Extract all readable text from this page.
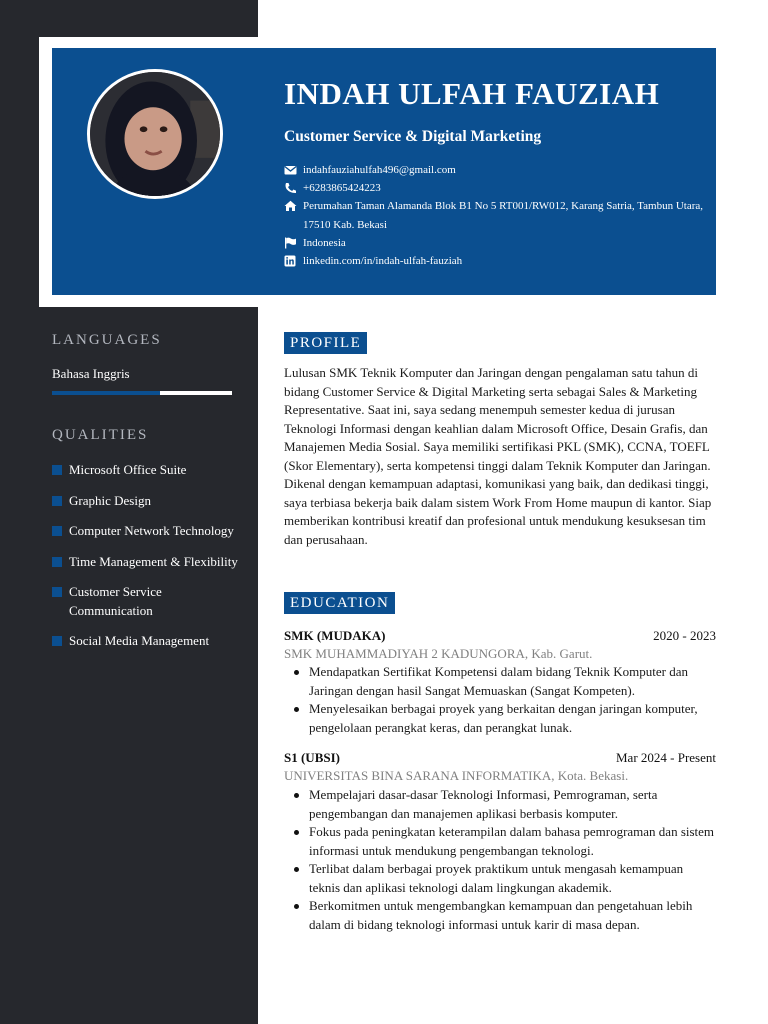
INDAH ULFAH FAUZIAH
Customer Service & Digital Marketing
indahfauziahulfah496@gmail.com
+6283865424223
Perumahan Taman Alamanda Blok B1 No 5 RT001/RW012, Karang Satria, Tambun Utara, 17510 Kab. Bekasi
Indonesia
linkedin.com/in/indah-ulfah-fauziah
LANGUAGES
Bahasa Inggris
QUALITIES
Microsoft Office Suite
Graphic Design
Computer Network Technology
Time Management & Flexibility
Customer Service Communication
Social Media Management
PROFILE

Lulusan SMK Teknik Komputer dan Jaringan dengan pengalaman satu tahun di bidang Customer Service & Digital Marketing serta sebagai Sales & Marketing Representative. Saat ini, saya sedang menempuh semester kedua di jurusan Teknologi Informasi dengan keahlian dalam Microsoft Office, Desain Grafis, dan Manajemen Media Sosial. Saya memiliki sertifikasi PKL (SMK), CCNA, TOEFL (Skor Elementary), serta kompetensi tinggi dalam Teknik Komputer dan Jaringan. Dikenal dengan kemampuan adaptasi, komunikasi yang baik, dan dedikasi tinggi, saya terbiasa bekerja baik dalam sistem Work From Home maupun di kantor. Siap memberikan kontribusi kreatif dan profesional untuk mendukung kesuksesan tim dan perusahaan.

EDUCATION
SMK (MUDAKA)	2020 - 2023
SMK MUHAMMADIYAH 2 KADUNGORA, Kab. Garut.
Mendapatkan Sertifikat Kompetensi dalam bidang Teknik Komputer dan Jaringan dengan hasil Sangat Memuaskan (Sangat Kompeten).
Menyelesaikan berbagai proyek yang berkaitan dengan jaringan komputer, pengelolaan perangkat keras, dan perangkat lunak.
S1 (UBSI)	Mar 2024 - Present
UNIVERSITAS BINA SARANA INFORMATIKA, Kota. Bekasi.
Mempelajari dasar-dasar Teknologi Informasi, Pemrograman, serta pengembangan dan manajemen aplikasi berbasis komputer.
Fokus pada peningkatan keterampilan dalam bahasa pemrograman dan sistem informasi untuk mendukung pengembangan teknologi.
Terlibat dalam berbagai proyek praktikum untuk mengasah kemampuan teknis dan aplikasi teknologi dalam lingkungan akademik.
Berkomitmen untuk mengembangkan kemampuan dan pengetahuan lebih dalam di bidang teknologi informasi untuk karir di masa depan.
